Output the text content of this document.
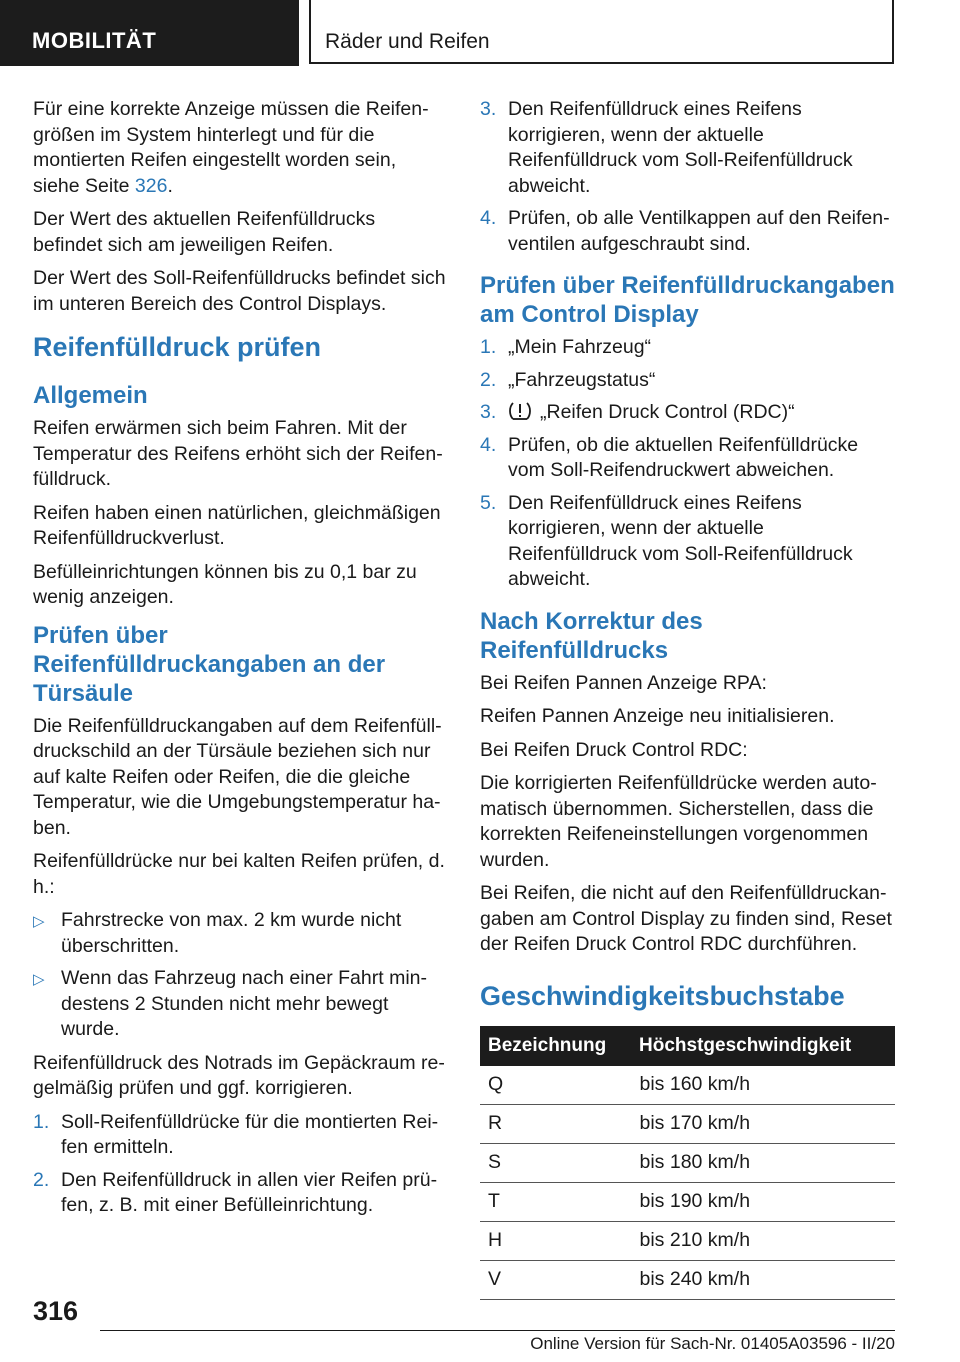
MOBILITÄT	Räder und Reifen

Für eine korrekte Anzeige müssen die Reifengrößen im System hinterlegt und für die montierten Reifen eingestellt worden sein, siehe Seite 326.

Der Wert des aktuellen Reifenfülldrucks befindet sich am jeweiligen Reifen.

Der Wert des Soll-Reifenfülldrucks befindet sich im unteren Bereich des Control Displays.

Reifenfülldruck prüfen
Allgemein

Reifen erwärmen sich beim Fahren. Mit der Temperatur des Reifens erhöht sich der Reifenfülldruck.

Reifen haben einen natürlichen, gleichmäßigen Reifenfülldruckverlust.

Befülleinrichtungen können bis zu 0,1 bar zu wenig anzeigen.

Prüfen über Reifenfülldruckangaben an der Türsäule

Die Reifenfülldruckangaben auf dem Reifenfülldruckschild an der Türsäule beziehen sich nur auf kalte Reifen oder Reifen, die die gleiche Temperatur, wie die Umgebungstemperatur haben.

Reifenfülldrücke nur bei kalten Reifen prüfen, d. h.:

▷ Fahrstrecke von max. 2 km wurde nicht überschritten.
▷ Wenn das Fahrzeug nach einer Fahrt mindestens 2 Stunden nicht mehr bewegt wurde.

Reifenfülldruck des Notrads im Gepäckraum regelmäßig prüfen und ggf. korrigieren.

1. Soll-Reifenfülldrücke für die montierten Reifen ermitteln.
2. Den Reifenfülldruck in allen vier Reifen prüfen, z. B. mit einer Befülleinrichtung.
3. Den Reifenfülldruck eines Reifens korrigieren, wenn der aktuelle Reifenfülldruck vom Soll-Reifenfülldruck abweicht.
4. Prüfen, ob alle Ventilkappen auf den Reifenventilen aufgeschraubt sind.
Prüfen über Reifenfülldruckangaben am Control Display
1. „Mein Fahrzeug“
2. „Fahrzeugstatus“
3. „Reifen Druck Control (RDC)“
4. Prüfen, ob die aktuellen Reifenfülldrücke vom Soll-Reifendruckwert abweichen.
5. Den Reifenfülldruck eines Reifens korrigieren, wenn der aktuelle Reifenfülldruck vom Soll-Reifenfülldruck abweicht.
Nach Korrektur des Reifenfülldrucks

Bei Reifen Pannen Anzeige RPA:

Reifen Pannen Anzeige neu initialisieren.

Bei Reifen Druck Control RDC:

Die korrigierten Reifenfülldrücke werden automatisch übernommen. Sicherstellen, dass die korrekten Reifeneinstellungen vorgenommen wurden.

Bei Reifen, die nicht auf den Reifenfülldruckangaben am Control Display zu finden sind, Reset der Reifen Druck Control RDC durchführen.

Geschwindigkeitsbuchstabe
Bezeichnung	Höchstgeschwindigkeit
Q	bis 160 km/h
R	bis 170 km/h
S	bis 180 km/h
T	bis 190 km/h
H	bis 210 km/h
V	bis 240 km/h
316
Online Version für Sach-Nr. 01405A03596 - II/20
